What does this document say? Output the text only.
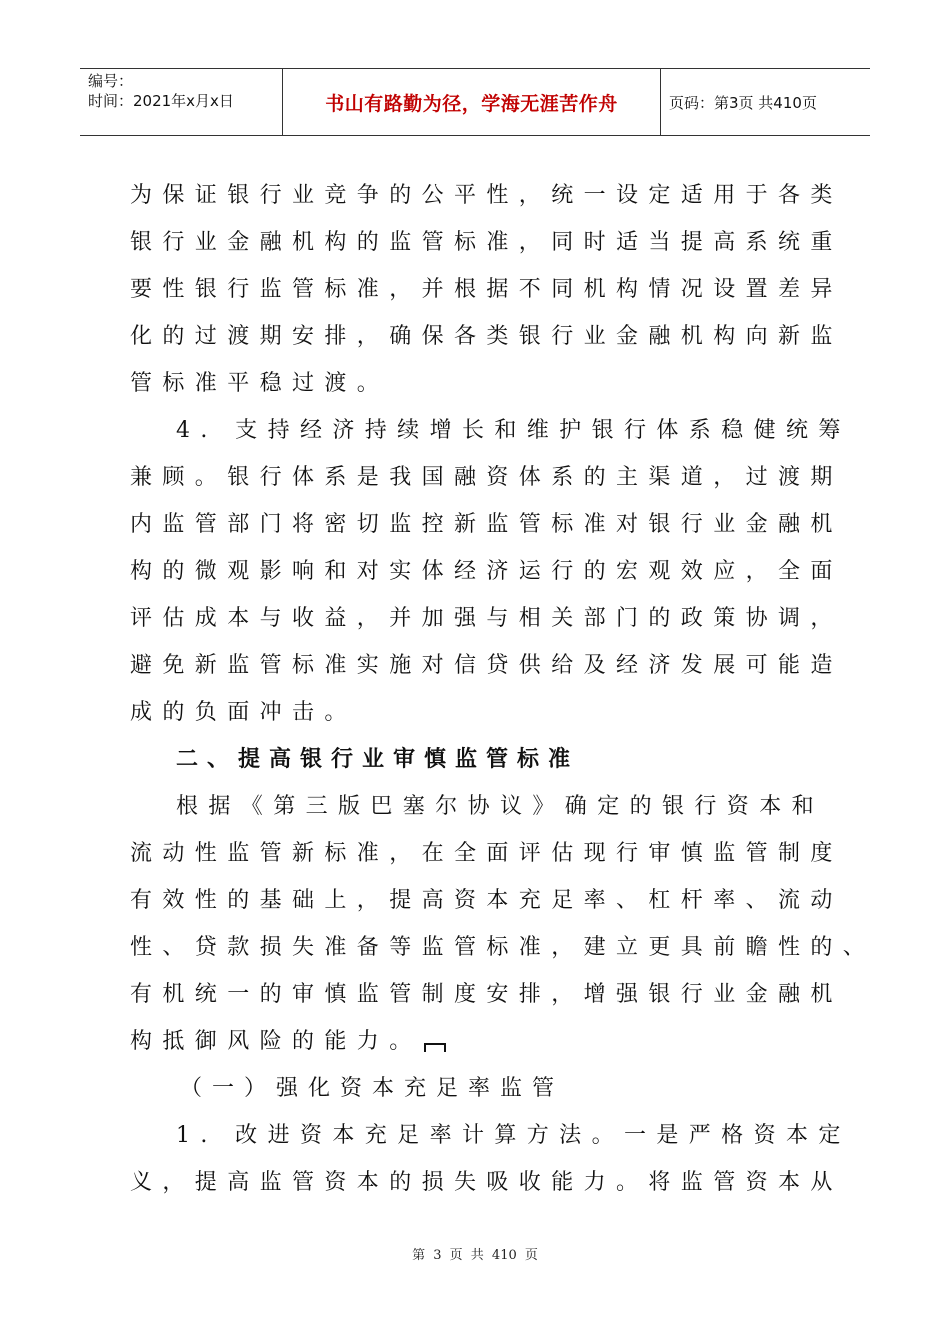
编号：
时间：2021年x月x日	书山有路勤为径，学海无涯苦作舟	页码：第3页 共410页
为保证银行业竞争的公平性，统一设定适用于各类
银行业金融机构的监管标准，同时适当提高系统重
要性银行监管标准，并根据不同机构情况设置差异
化的过渡期安排，确保各类银行业金融机构向新监
管标准平稳过渡。
4. 支持经济持续增长和维护银行体系稳健统筹
兼顾。银行体系是我国融资体系的主渠道，过渡期
内监管部门将密切监控新监管标准对银行业金融机
构的微观影响和对实体经济运行的宏观效应，全面
评估成本与收益，并加强与相关部门的政策协调，
避免新监管标准实施对信贷供给及经济发展可能造
成的负面冲击。
二、提高银行业审慎监管标准
根据《第三版巴塞尔协议》确定的银行资本和
流动性监管新标准，在全面评估现行审慎监管制度
有效性的基础上，提高资本充足率、杠杆率、流动
性、贷款损失准备等监管标准，建立更具前瞻性的、
有机统一的审慎监管制度安排，增强银行业金融机
构抵御风险的能力。
（一）强化资本充足率监管
1. 改进资本充足率计算方法。一是严格资本定
义，提高监管资本的损失吸收能力。将监管资本从
第 3 页 共 410 页
